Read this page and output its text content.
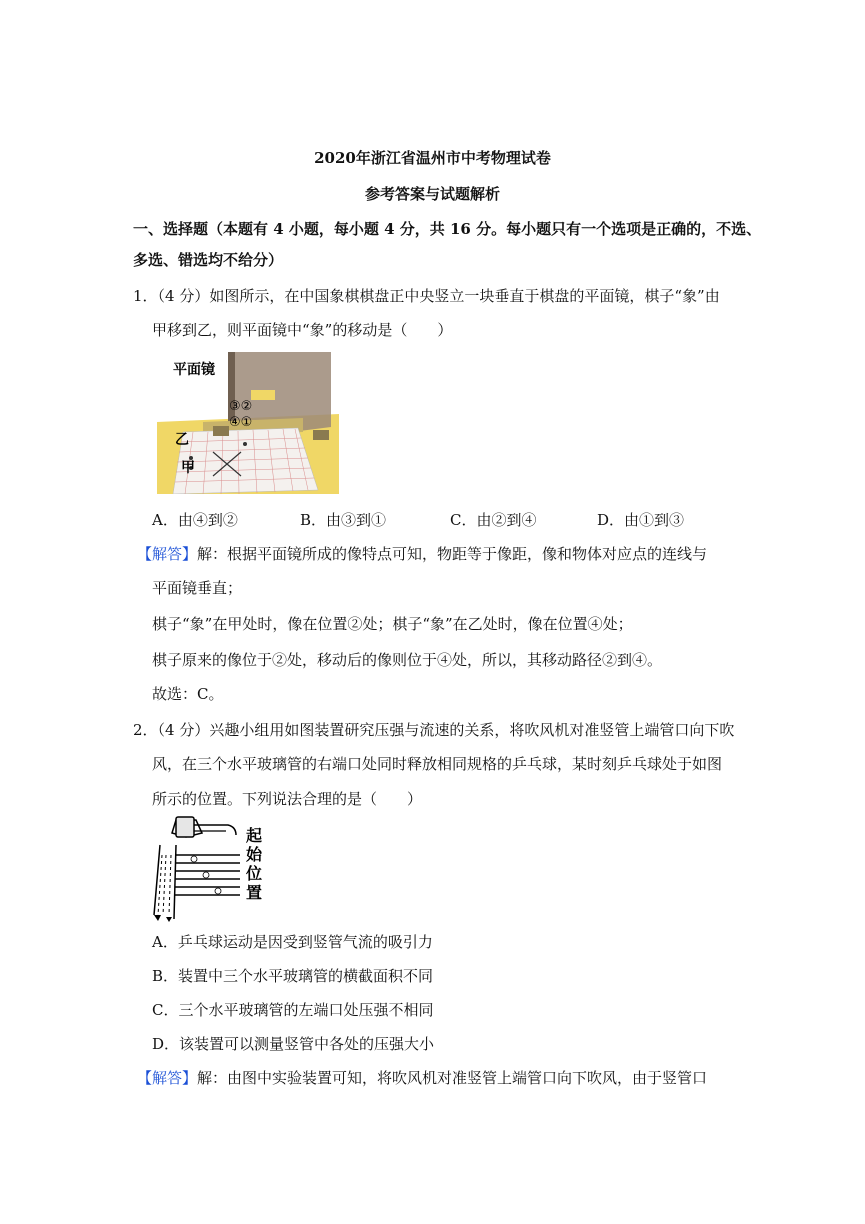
2020年浙江省温州市中考物理试卷
参考答案与试题解析
一、选择题（本题有 4 小题，每小题 4 分，共 16 分。每小题只有一个选项是正确的，不选、
多选、错选均不给分）
1．（4 分）如图所示，在中国象棋棋盘正中央竖立一块垂直于棋盘的平面镜，棋子“象”由
甲移到乙，则平面镜中“象”的移动是（　　）
平面镜
③②
④①
乙
甲
A．由④到②	B．由③到①	C．由②到④	D．由①到③
【解答】解：根据平面镜所成的像特点可知，物距等于像距，像和物体对应点的连线与
平面镜垂直；
棋子“象”在甲处时，像在位置②处；棋子“象”在乙处时，像在位置④处；
棋子原来的像位于②处，移动后的像则位于④处，所以，其移动路径②到④。
故选：C。
2．（4 分）兴趣小组用如图装置研究压强与流速的关系，将吹风机对准竖管上端管口向下吹
风，在三个水平玻璃管的右端口处同时释放相同规格的乒乓球，某时刻乒乓球处于如图
所示的位置。下列说法合理的是（　　）
起
始
位
置
A．乒乓球运动是因受到竖管气流的吸引力
B．装置中三个水平玻璃管的横截面积不同
C．三个水平玻璃管的左端口处压强不相同
D．该装置可以测量竖管中各处的压强大小
【解答】解：由图中实验装置可知，将吹风机对准竖管上端管口向下吹风，由于竖管口
